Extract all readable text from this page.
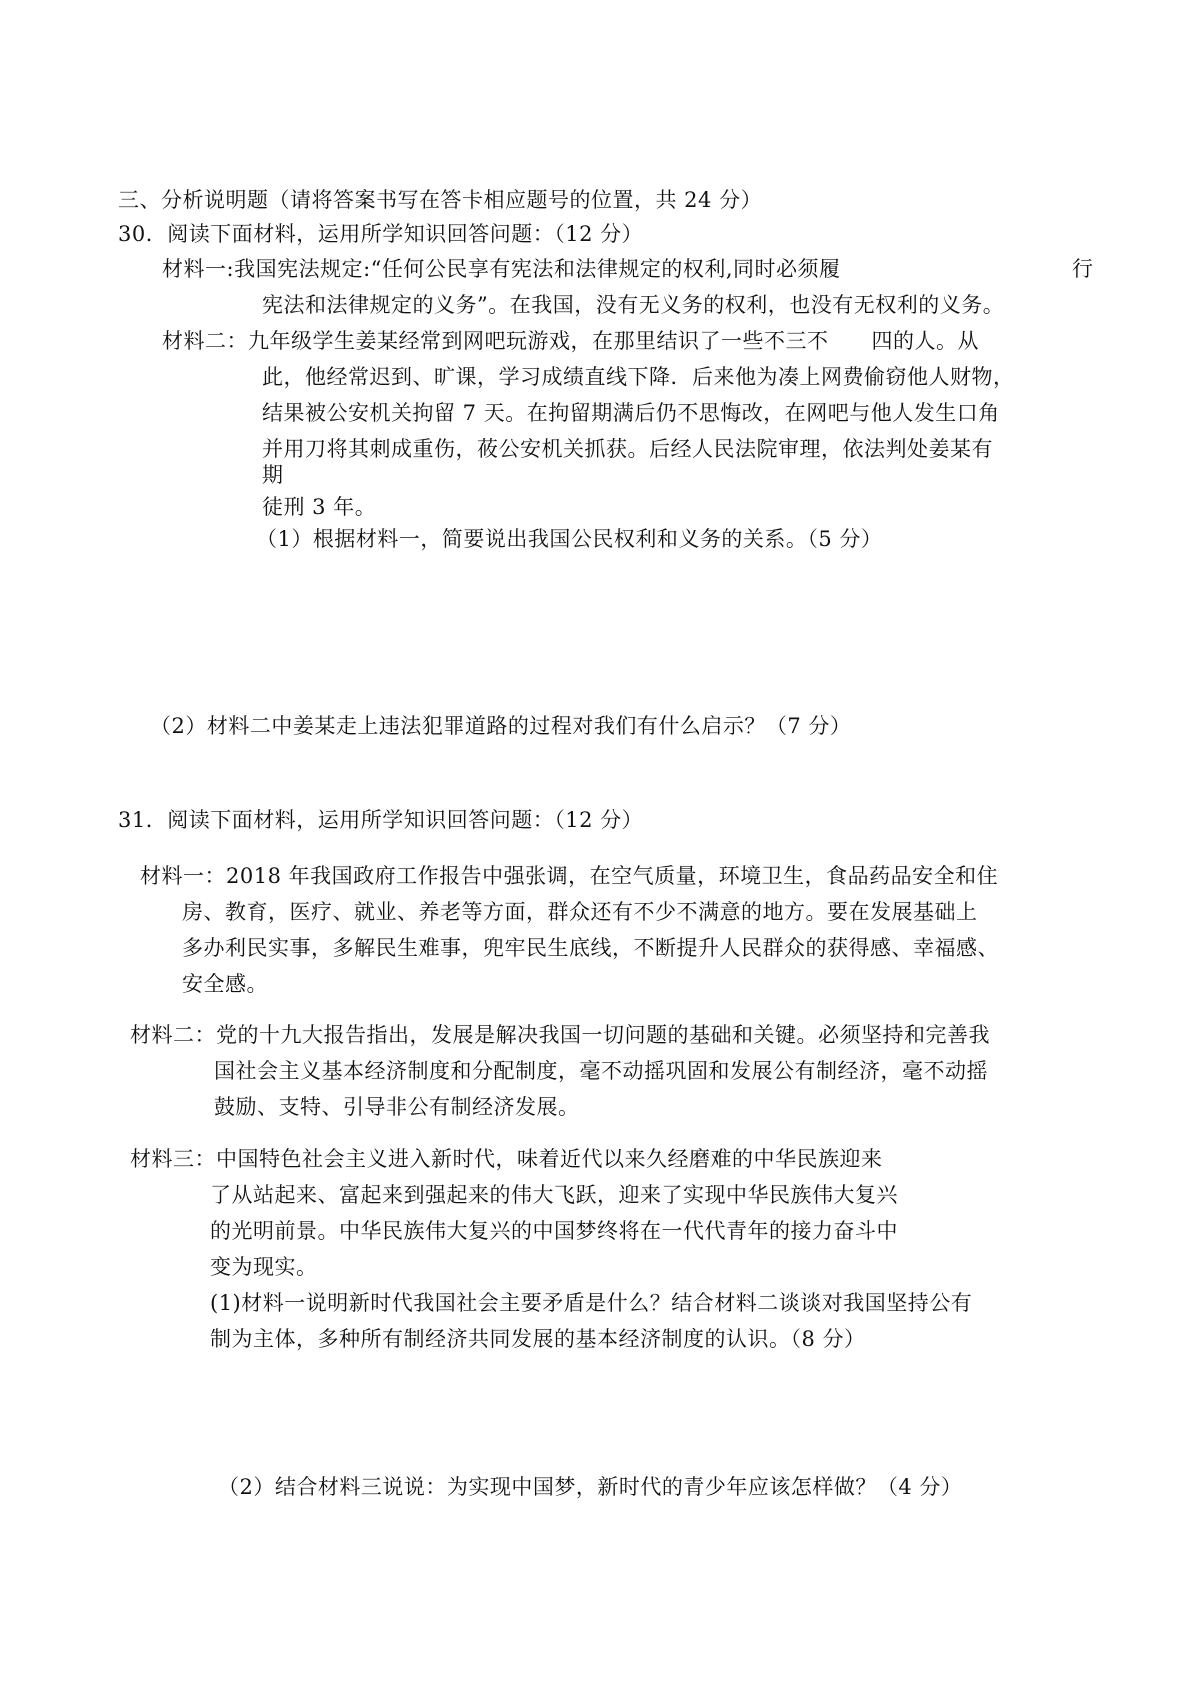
三、分析说明题（请将答案书写在答卡相应题号的位置，共 24 分）
30．阅读下面材料，运用所学知识回答问题：（12 分）
材料一:我国宪法规定:“任何公民享有宪法和法律规定的权利,同时必须履	行
宪法和法律规定的义务”。在我国，没有无义务的权利，也没有无权利的义务。
材料二：九年级学生姜某经常到网吧玩游戏，在那里结识了一些不三不　　四的人。从
此，他经常迟到、旷课，学习成绩直线下降．后来他为凑上网费偷窃他人财物，
结果被公安机关拘留 7 天。在拘留期满后仍不思悔改，在网吧与他人发生口角
并用刀将其刺成重伤，莜公安机关抓获。后经人民法院审理，依法判处姜某有
期
徒刑 3 年。
（1）根据材料一，简要说出我国公民权利和义务的关系。（5 分）
（2）材料二中姜某走上违法犯罪道路的过程对我们有什么启示？（7 分）
31．阅读下面材料，运用所学知识回答问题：（12 分）
材料一：2018 年我国政府工作报告中强张调，在空气质量，环境卫生，食品药品安全和住
房、教育，医疗、就业、养老等方面，群众还有不少不满意的地方。要在发展基础上
多办利民实事，多解民生难事，兜牢民生底线，不断提升人民群众的获得感、幸福感、
安全感。
材料二：党的十九大报告指出，发展是解决我国一切问题的基础和关键。必须坚持和完善我
国社会主义基本经济制度和分配制度，毫不动摇巩固和发展公有制经济，毫不动摇
鼓励、支特、引导非公有制经济发展。
材料三：中国特色社会主义进入新时代，味着近代以来久经磨难的中华民族迎来
了从站起来、富起来到强起来的伟大飞跃，迎来了实现中华民族伟大复兴
的光明前景。中华民族伟大复兴的中国梦终将在一代代青年的接力奋斗中
变为现实。
(1)材料一说明新时代我国社会主要矛盾是什么？结合材料二谈谈对我国坚持公有
制为主体，多种所有制经济共同发展的基本经济制度的认识。（8 分）
（2）结合材料三说说：为实现中国梦，新时代的青少年应该怎样做？（4 分）
